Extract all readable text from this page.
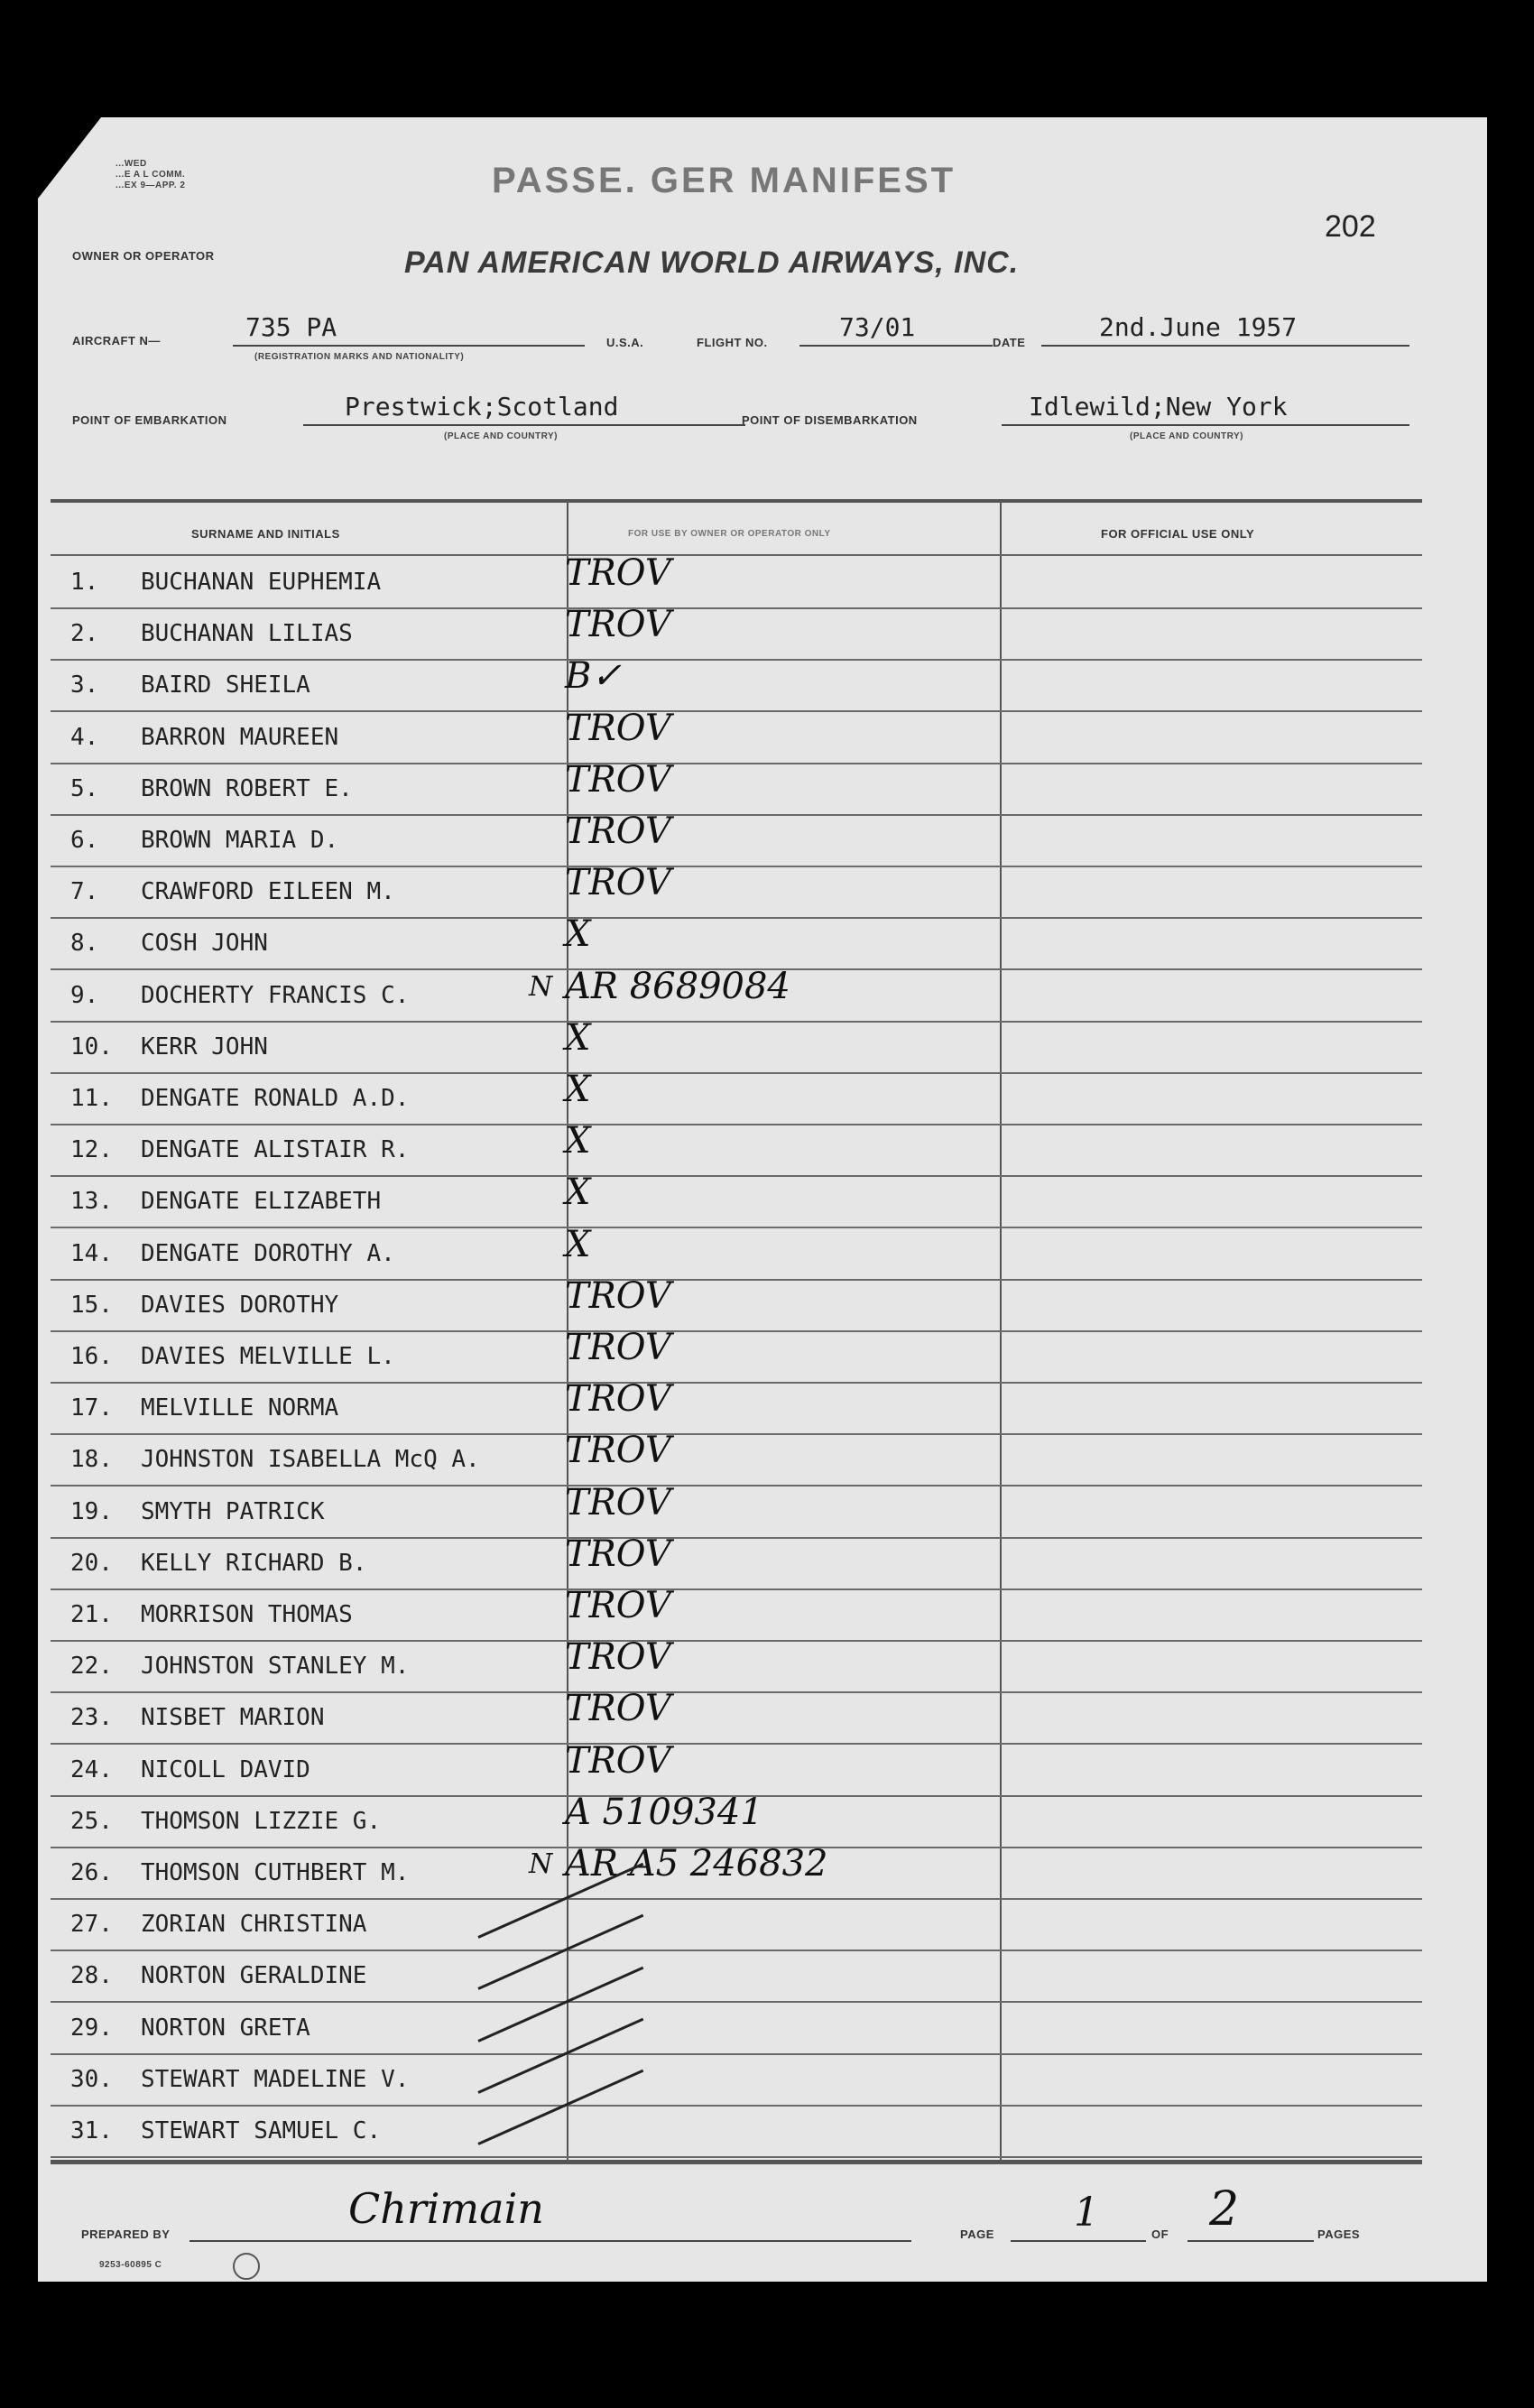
...WED
...E A L COMM.
...EX 9—APP. 2	PASSE. GER MANIFEST
202
OWNER OR OPERATOR	PAN AMERICAN WORLD AIRWAYS, INC.
AIRCRAFT N—	735 PA
(REGISTRATION MARKS AND NATIONALITY)
U.S.A.	FLIGHT NO.
73/01
DATE
2nd.June 1957
POINT OF EMBARKATION	Prestwick;Scotland
(PLACE AND COUNTRY)
POINT OF DISEMBARKATION	Idlewild;New York
(PLACE AND COUNTRY)
SURNAME AND INITIALS	FOR USE BY OWNER OR OPERATOR ONLY	FOR OFFICIAL USE ONLY
1. BUCHANAN EUPHEMIA	TROV
2. BUCHANAN LILIAS	TROV
3. BAIRD SHEILA	B✓
4. BARRON MAUREEN	TROV
5. BROWN ROBERT E.	TROV
6. BROWN MARIA D.	TROV
7. CRAWFORD EILEEN M.	TROV
8. COSH JOHN	X
9. DOCHERTY FRANCIS C.	AR 8689084
N
10. KERR JOHN	X
11. DENGATE RONALD A.D.	X
12. DENGATE ALISTAIR R.	X
13. DENGATE ELIZABETH	X
14. DENGATE DOROTHY A.	X
15. DAVIES DOROTHY	TROV
16. DAVIES MELVILLE L.	TROV
17. MELVILLE NORMA	TROV
18. JOHNSTON ISABELLA McQ A. TROV
19. SMYTH PATRICK	TROV
20. KELLY RICHARD B.	TROV
21. MORRISON THOMAS	TROV
22. JOHNSTON STANLEY M.	TROV
23. NISBET MARION	TROV
24. NICOLL DAVID	TROV
25. THOMSON LIZZIE G.	A 5109341
26. THOMSON CUTHBERT M.	AR A5 246832
N
27. ZORIAN CHRISTINA
28. NORTON GERALDINE
29. NORTON GRETA
30. STEWART MADELINE V.
31. STEWART SAMUEL C.
PREPARED BY
Chrimain
PAGE 1	OF 2	PAGES
9253-60895 C
